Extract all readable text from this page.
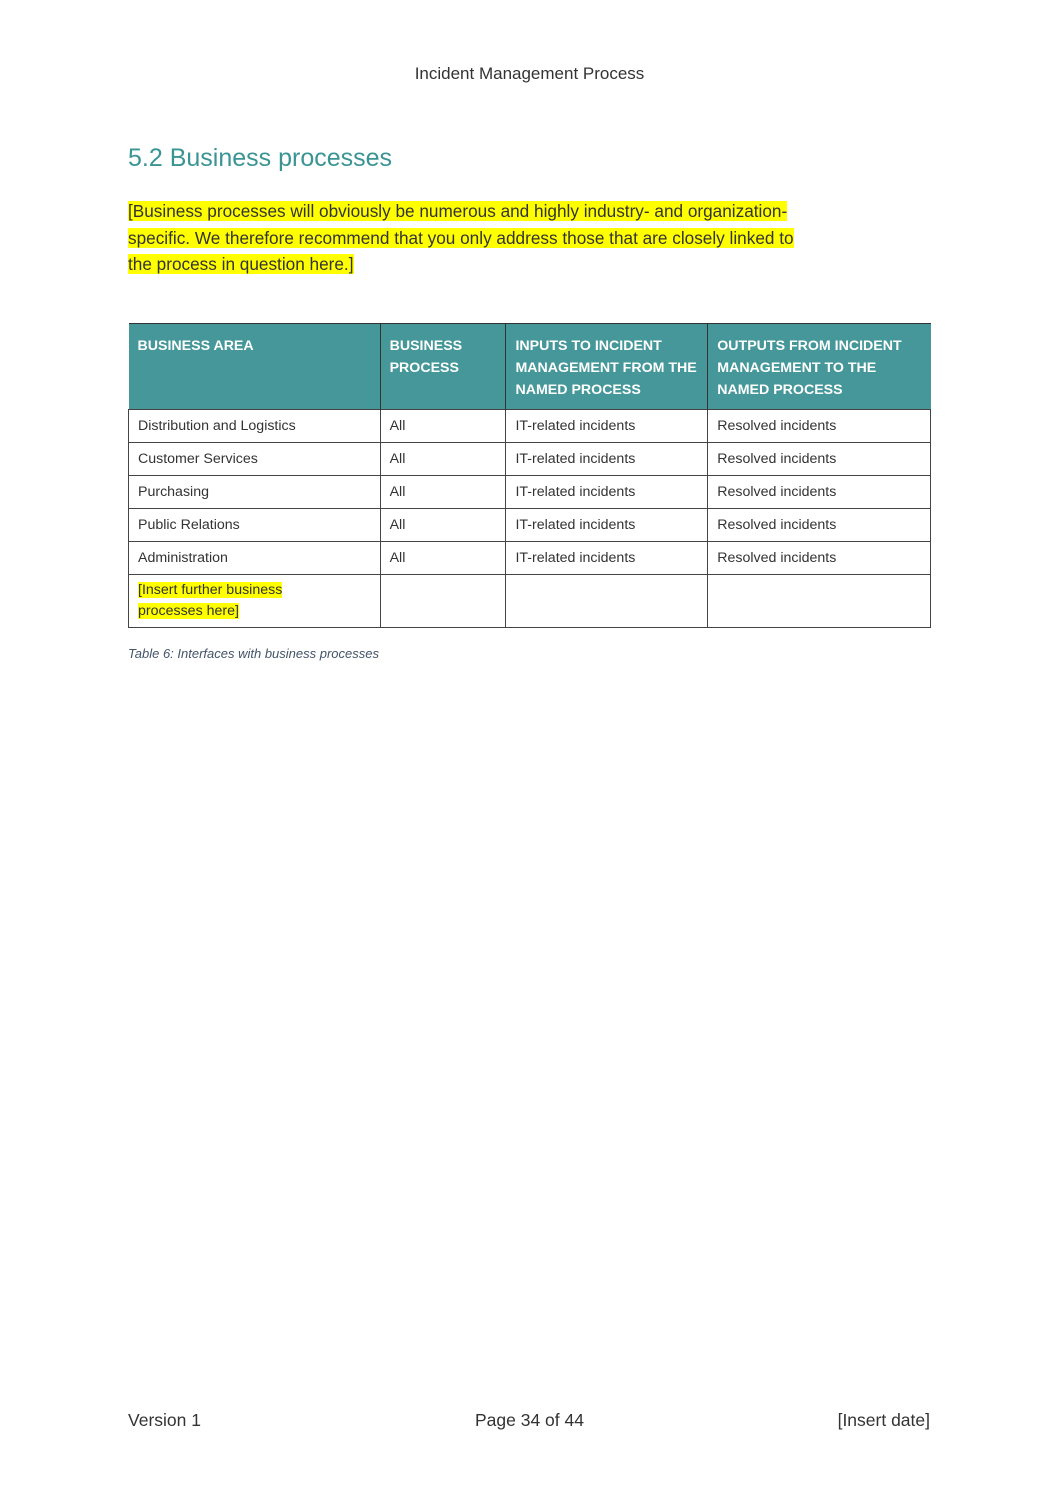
Incident Management Process
5.2 Business processes
[Business processes will obviously be numerous and highly industry- and organization-
specific. We therefore recommend that you only address those that are closely linked to
the process in question here.]
BUSINESS AREA	BUSINESS PROCESS	INPUTS TO INCIDENT MANAGEMENT FROM THE NAMED PROCESS	OUTPUTS FROM INCIDENT MANAGEMENT TO THE NAMED PROCESS
Distribution and Logistics	All	IT-related incidents	Resolved incidents
Customer Services	All	IT-related incidents	Resolved incidents
Purchasing	All	IT-related incidents	Resolved incidents
Public Relations	All	IT-related incidents	Resolved incidents
Administration	All	IT-related incidents	Resolved incidents
[Insert further business
processes here]			
Table 6: Interfaces with business processes
Version 1	Page 34 of 44	[Insert date]
